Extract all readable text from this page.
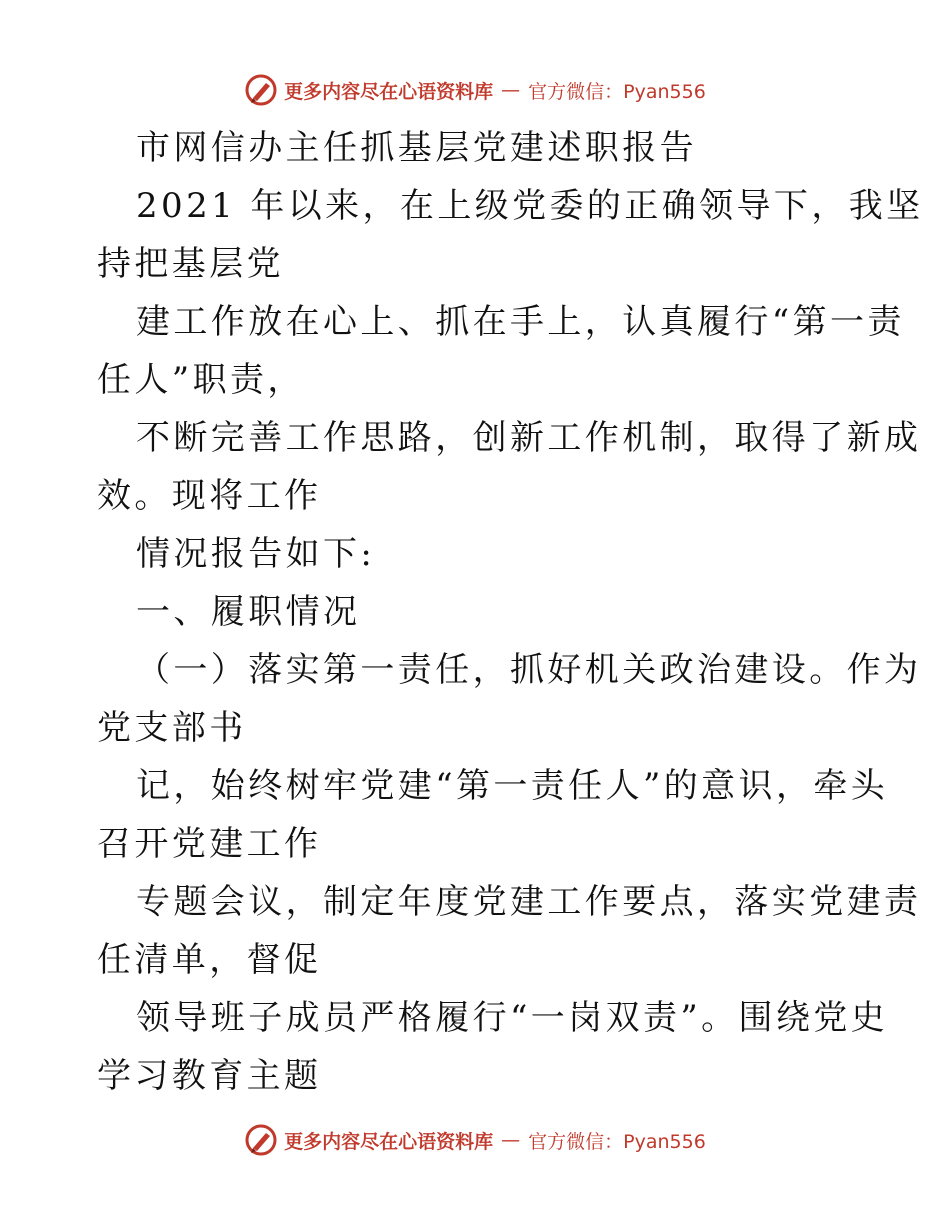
更多内容尽在心语资料库 — 官方微信：Pyan556
市网信办主任抓基层党建述职报告
2021 年以来，在上级党委的正确领导下，我坚
持把基层党
建工作放在心上、抓在手上，认真履行“第一责
任人”职责，
不断完善工作思路，创新工作机制，取得了新成
效。现将工作
情况报告如下:
一、履职情况
（一）落实第一责任，抓好机关政治建设。作为
党支部书
记，始终树牢党建“第一责任人”的意识，牵头
召开党建工作
专题会议，制定年度党建工作要点，落实党建责
任清单，督促
领导班子成员严格履行“一岗双责”。围绕党史
学习教育主题
更多内容尽在心语资料库 — 官方微信：Pyan556
